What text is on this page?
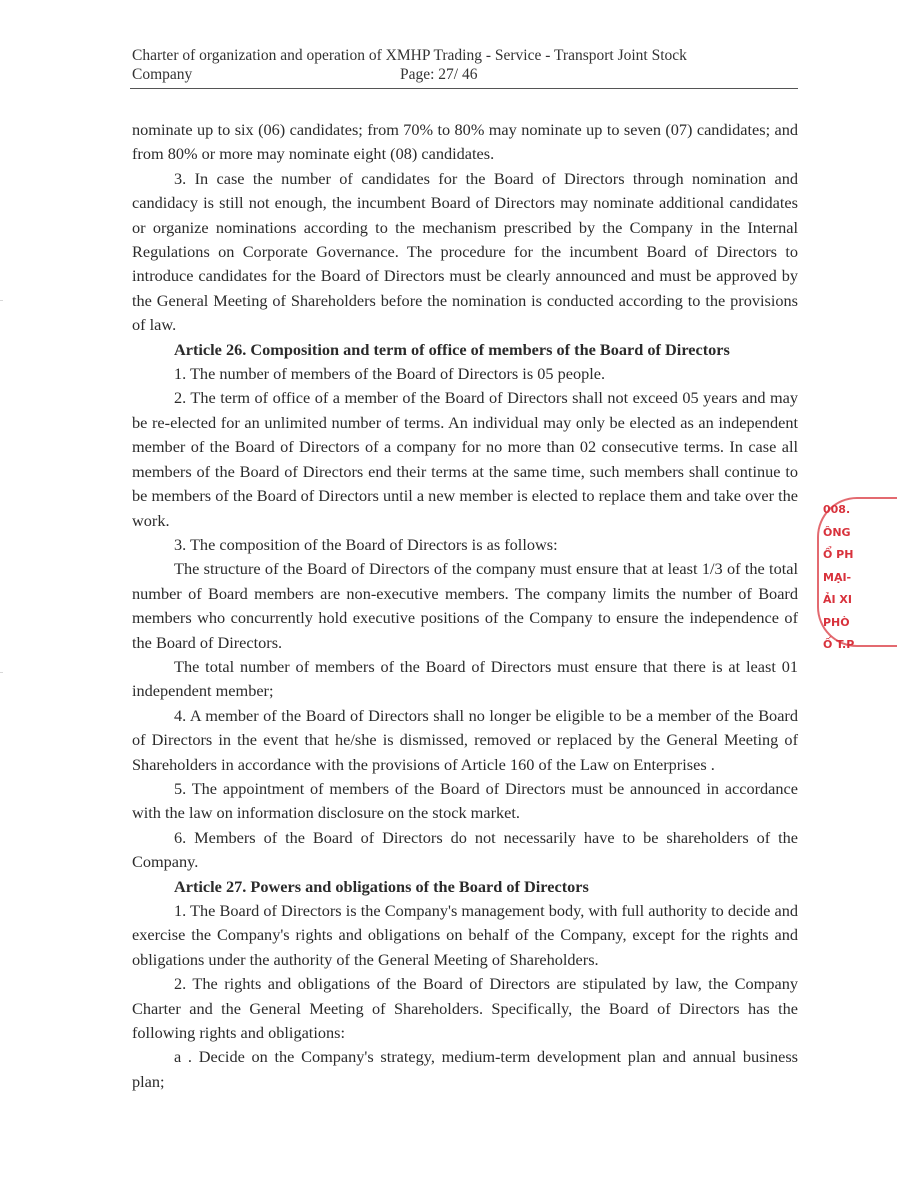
Charter of organization and operation of XMHP Trading - Service - Transport Joint Stock
Company	Page: 27/ 46

nominate up to six (06) candidates; from 70% to 80% may nominate up to seven (07) candidates; and from 80% or more may nominate eight (08) candidates.

3. In case the number of candidates for the Board of Directors through nomination and candidacy is still not enough, the incumbent Board of Directors may nominate additional candidates or organize nominations according to the mechanism prescribed by the Company in the Internal Regulations on Corporate Governance. The procedure for the incumbent Board of Directors to introduce candidates for the Board of Directors must be clearly announced and must be approved by the General Meeting of Shareholders before the nomination is conducted according to the provisions of law.

Article 26. Composition and term of office of members of the Board of Directors

1. The number of members of the Board of Directors is 05 people.

2. The term of office of a member of the Board of Directors shall not exceed 05 years and may be re-elected for an unlimited number of terms. An individual may only be elected as an independent member of the Board of Directors of a company for no more than 02 consecutive terms. In case all members of the Board of Directors end their terms at the same time, such members shall continue to be members of the Board of Directors until a new member is elected to replace them and take over the work.

3. The composition of the Board of Directors is as follows:

The structure of the Board of Directors of the company must ensure that at least 1/3 of the total number of Board members are non-executive members. The company limits the number of Board members who concurrently hold executive positions of the Company to ensure the independence of the Board of Directors.

The total number of members of the Board of Directors must ensure that there is at least 01 independent member;

4. A member of the Board of Directors shall no longer be eligible to be a member of the Board of Directors in the event that he/she is dismissed, removed or replaced by the General Meeting of Shareholders in accordance with the provisions of Article 160 of the Law on Enterprises .

5. The appointment of members of the Board of Directors must be announced in accordance with the law on information disclosure on the stock market.

6. Members of the Board of Directors do not necessarily have to be shareholders of the Company.

Article 27. Powers and obligations of the Board of Directors

1. The Board of Directors is the Company's management body, with full authority to decide and exercise the Company's rights and obligations on behalf of the Company, except for the rights and obligations under the authority of the General Meeting of Shareholders.

2. The rights and obligations of the Board of Directors are stipulated by law, the Company Charter and the General Meeting of Shareholders. Specifically, the Board of Directors has the following rights and obligations:

a . Decide on the Company's strategy, medium-term development plan and annual business plan;

008.
ÔNG
Ổ PH
MẠI-
ẢI XI
PHÒ
Ố T.P
